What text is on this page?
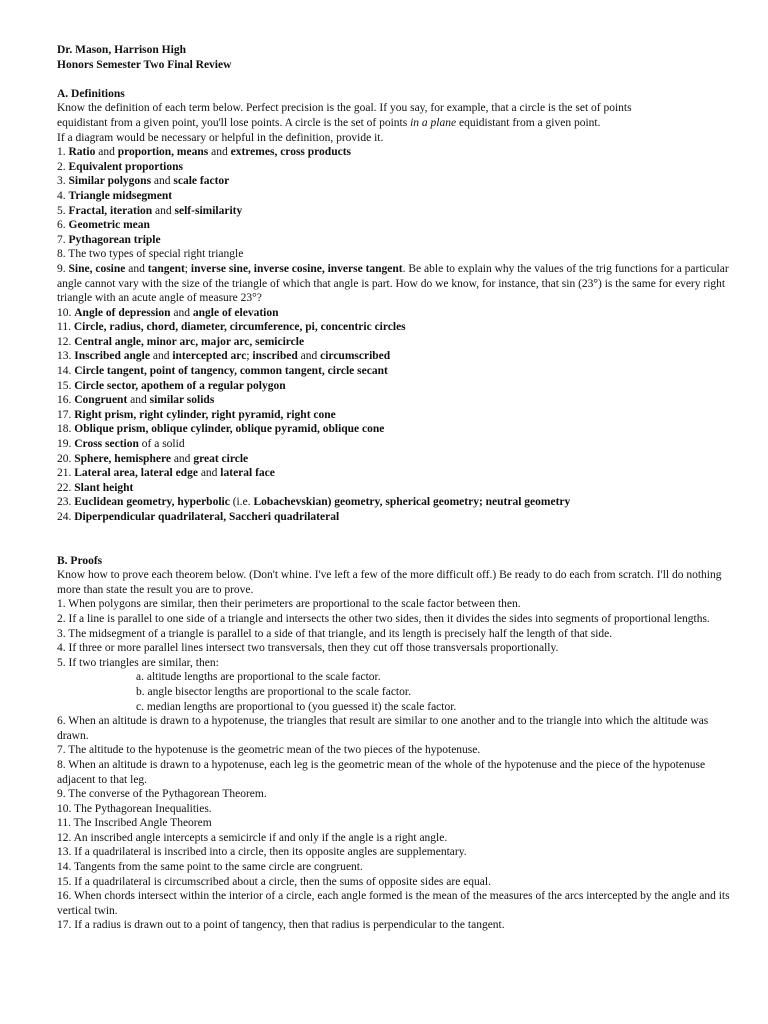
Dr. Mason, Harrison High
Honors Semester Two Final Review
A. Definitions
Know the definition of each term below. Perfect precision is the goal. If you say, for example, that a circle is the set of points
equidistant from a given point, you'll lose points. A circle is the set of points in a plane equidistant from a given point.
If a diagram would be necessary or helpful in the definition, provide it.
1. Ratio and proportion, means and extremes, cross products
2. Equivalent proportions
3. Similar polygons and scale factor
4. Triangle midsegment
5. Fractal, iteration and self-similarity
6. Geometric mean
7. Pythagorean triple
8. The two types of special right triangle
9. Sine, cosine and tangent; inverse sine, inverse cosine, inverse tangent. Be able to explain why the values of the trig functions for a particular angle cannot vary with the size of the triangle of which that angle is part. How do we know, for instance, that sin (23°) is the same for every right triangle with an acute angle of measure 23°?
10. Angle of depression and angle of elevation
11. Circle, radius, chord, diameter, circumference, pi, concentric circles
12. Central angle, minor arc, major arc, semicircle
13. Inscribed angle and intercepted arc; inscribed and circumscribed
14. Circle tangent, point of tangency, common tangent, circle secant
15. Circle sector, apothem of a regular polygon
16. Congruent and similar solids
17. Right prism, right cylinder, right pyramid, right cone
18. Oblique prism, oblique cylinder, oblique pyramid, oblique cone
19. Cross section of a solid
20. Sphere, hemisphere and great circle
21. Lateral area, lateral edge and lateral face
22. Slant height
23. Euclidean geometry, hyperbolic (i.e. Lobachevskian) geometry, spherical geometry; neutral geometry
24. Diperpendicular quadrilateral, Saccheri quadrilateral
B. Proofs
Know how to prove each theorem below. (Don't whine. I've left a few of the more difficult off.) Be ready to do each from scratch. I'll do nothing more than state the result you are to prove.
1. When polygons are similar, then their perimeters are proportional to the scale factor between then.
2. If a line is parallel to one side of a triangle and intersects the other two sides, then it divides the sides into segments of proportional lengths.
3. The midsegment of a triangle is parallel to a side of that triangle, and its length is precisely half the length of that side.
4. If three or more parallel lines intersect two transversals, then they cut off those transversals proportionally.
5. If two triangles are similar, then:
a. altitude lengths are proportional to the scale factor.
b. angle bisector lengths are proportional to the scale factor.
c. median lengths are proportional to (you guessed it) the scale factor.
6. When an altitude is drawn to a hypotenuse, the triangles that result are similar to one another and to the triangle into which the altitude was drawn.
7. The altitude to the hypotenuse is the geometric mean of the two pieces of the hypotenuse.
8. When an altitude is drawn to a hypotenuse, each leg is the geometric mean of the whole of the hypotenuse and the piece of the hypotenuse adjacent to that leg.
9. The converse of the Pythagorean Theorem.
10. The Pythagorean Inequalities.
11. The Inscribed Angle Theorem
12. An inscribed angle intercepts a semicircle if and only if the angle is a right angle.
13. If a quadrilateral is inscribed into a circle, then its opposite angles are supplementary.
14. Tangents from the same point to the same circle are congruent.
15. If a quadrilateral is circumscribed about a circle, then the sums of opposite sides are equal.
16. When chords intersect within the interior of a circle, each angle formed is the mean of the measures of the arcs intercepted by the angle and its vertical twin.
17. If a radius is drawn out to a point of tangency, then that radius is perpendicular to the tangent.
